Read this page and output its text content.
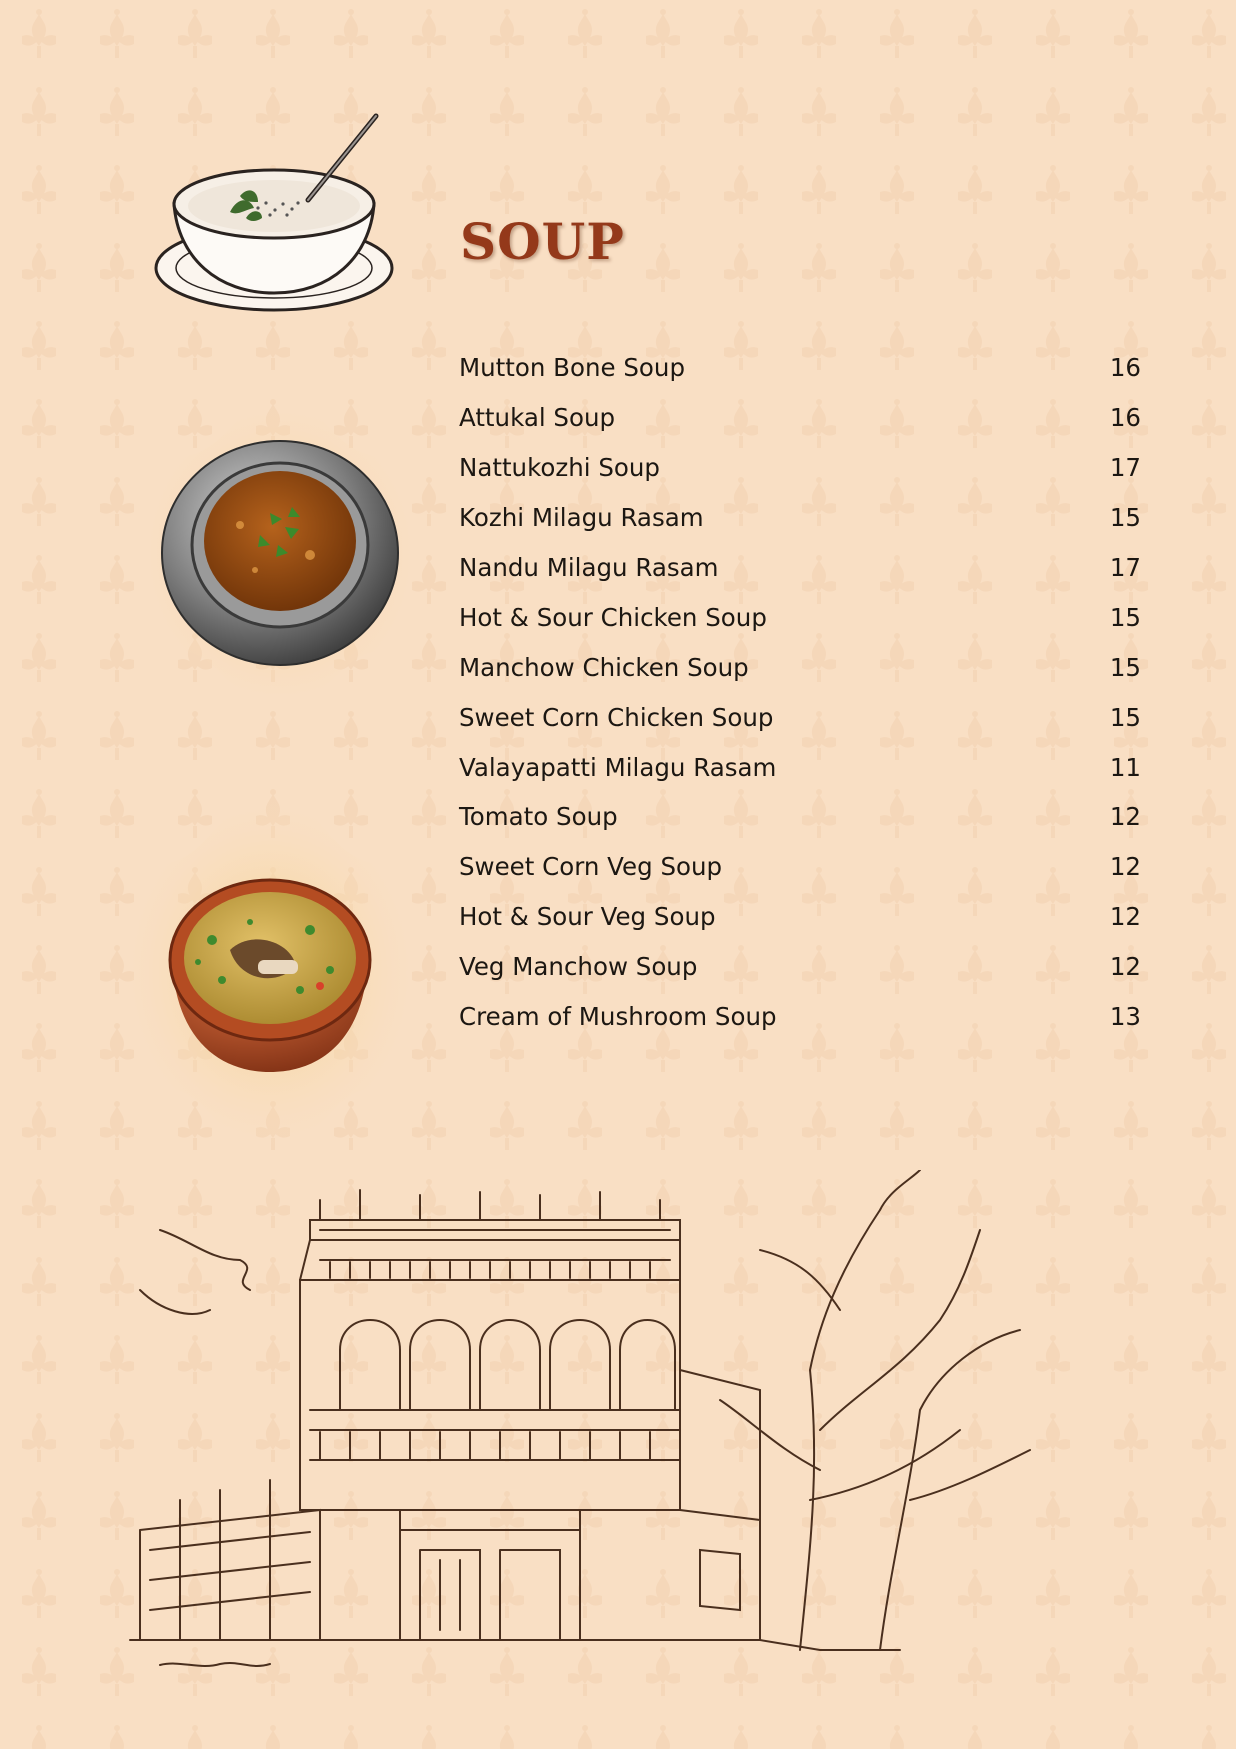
SOUP
Mutton Bone Soup	16
Attukal Soup	16
Nattukozhi Soup	17
Kozhi Milagu Rasam	15
Nandu Milagu Rasam	17
Hot & Sour Chicken Soup	15
Manchow Chicken Soup	15
Sweet Corn Chicken Soup	15
Valayapatti Milagu Rasam	11
Tomato Soup	12
Sweet Corn Veg Soup	12
Hot & Sour Veg Soup	12
Veg Manchow Soup	12
Cream of Mushroom Soup	13
